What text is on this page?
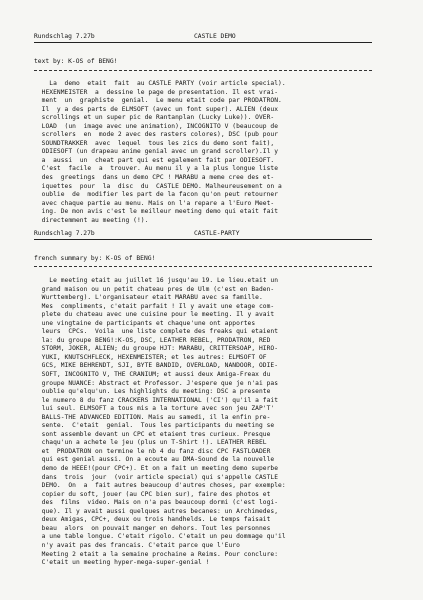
Rundschlag 7.27b

	CASTLE DEMO

text by: K-OS of BENG!
La  demo  etait  fait  au CASTLE PARTY (voir article special).
HEXENMEISTER  a  dessine le page de presentation. Il est vrai-
ment  un  graphiste  genial.  Le menu etait code par PRODATRON.
Il  y a des parts de ELMSOFT (avec un font super). ALIEN (deux
scrollings et un super pic de Rantanplan (Lucky Luke)). OVER-
LOAD  (un  image avec une animation), INCOGNITO V (beaucoup de
scrollers  en  mode 2 avec des rasters colores), DSC (pub pour
SOUNDTRAKKER  avec  lequel  tous les zics du demo sont fait),
ODIESOFT (un drapeau anime genial avec un grand scroller).Il y
a  aussi  un  cheat part qui est egalement fait par ODIESOFT.
C'est  facile  a  trouver. Au menu il y a la plus longue liste
des  greetings  dans un demo CPC ! MARABU a meme cree des et-
iquettes  pour  la  disc  du  CASTLE DEMO. Malheureusement on a
oublie  de  modifier les part de la facon qu'on peut retourner
avec chaque partie au menu. Mais on l'a repare a l'Euro Meet-
ing. De mon avis c'est le meilleur meeting demo qui etait fait
directemment au meeting (!).

Rundschlag 7.27b

	CASTLE-PARTY

french summary by: K-OS of BENG!
Le meeting etait au juillet 16 jusqu'au 19. Le lieu.etait un
grand maison ou un petit chateau pres de Ulm (c'est en Baden-
Wurttemberg). L'organisateur etait MARABU avec sa famille.
Mes  compliments, c'etait parfait ! Il y avait une etage com-
plete du chateau avec une cuisine pour le meeting. Il y avait
une vingtaine de participants et chaque'une ont apportes
leurs  CPCs.  Voila  une liste complete des freaks qui etaient
la: du groupe BENG!:K-OS, DSC, LEATHER REBEL, PRODATRON, RED
STORM, JOKER, ALIEN; du groupe HJT: MARABU, CRITTERSOAP, HIRO-
YUKI, KNUTSCHFLECK, HEXENMEISTER; et les autres: ELMSOFT OF
GCS, MIKE BEHRENDT, SJI, BYTE BANDID, OVERLOAD, NANDOOR, ODIE-
SOFT, INCOGNITO V, THE CRANIUM; et aussi deux Amiga-Freax du
groupe NUANCE: Abstract et Professor. J'espere que je n'ai pas
oublie qu'elqu'un. Les highlights du meeting: DSC a presente
le numero 8 du fanz CRACKERS INTERNATIONAL ('CI') qu'il a fait
lui seul. ELMSOFT a tous mis a la torture avec son jeu ZAP'T'
BALLS-THE ADVANCED EDITION. Mais au samedi, il la enfin pre-
sente.  C'etait  genial.  Tous les participants du meeting se
sont assemble devant un CPC et etaient tres curieux. Presque
chaqu'un a achete le jeu (plus un T-Shirt !). LEATHER REBEL
et  PRODATRON on termine le nb 4 du fanz disc CPC FASTLOADER
qui est genial aussi. On a ecoute au DMA-Sound de la nouvelle
demo de HEEE!(pour CPC+). Et on a fait un meeting demo superbe
dans  trois  jour  (voir article special) qui s'appelle CASTLE
DEMO.  On  a  fait autres beaucoup d'autres choses, par exemple:
copier du soft, jouer (au CPC bien sur), faire des photos et
des  films  video. Mais on n'a pas beaucoup dormi (c'est logi-
que). Il y avait aussi quelques autres becanes: un Archimedes,
deux Amigas, CPC+, deux ou trois handhelds. Le temps faisait
beau  alors  on pouvait manger en dehors. Tout les personnes
a une table longue. C'etait rigolo. C'etait un peu dommage qu'il
n'y avait pas des francais. C'etait parce que l'Euro
Meeting 2 etait a la semaine prochaine a Reims. Pour conclure:
C'etait un meeting hyper-mega-super-genial !
